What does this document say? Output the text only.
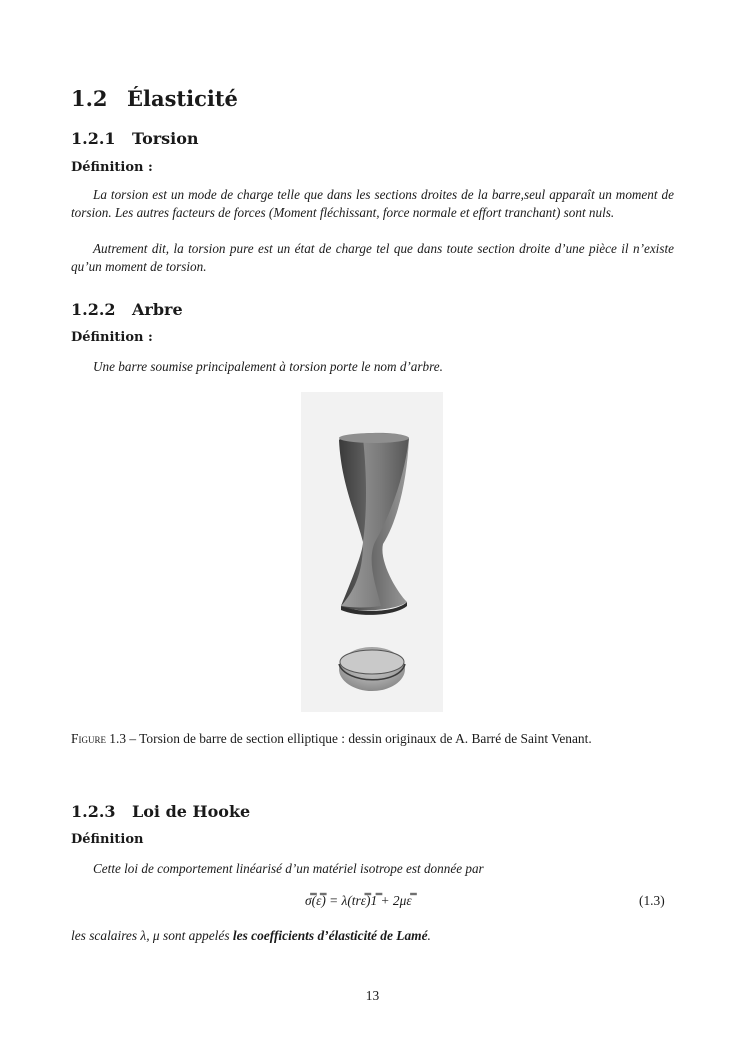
1.2 Élasticité
1.2.1 Torsion
Définition :

La torsion est un mode de charge telle que dans les sections droites de la barre,seul apparaît un moment de torsion. Les autres facteurs de forces (Moment fléchissant, force normale et effort tranchant) sont nuls.

Autrement dit, la torsion pure est un état de charge tel que dans toute section droite d’une pièce il n’existe qu’un moment de torsion.

1.2.2 Arbre
Définition :

Une barre soumise principalement à torsion porte le nom d’arbre.

Figure 1.3 – Torsion de barre de section elliptique : dessin originaux de A. Barré de Saint Venant.

1.2.3 Loi de Hooke
Définition

Cette loi de comportement linéarisé d’un matériel isotrope est donnée par

σ̿(ε̿) = λ(trε̿)1̿ + 2με̿	(1.3)
les scalaires λ, μ sont appelés les coefficients d’élasticité de Lamé.
13
